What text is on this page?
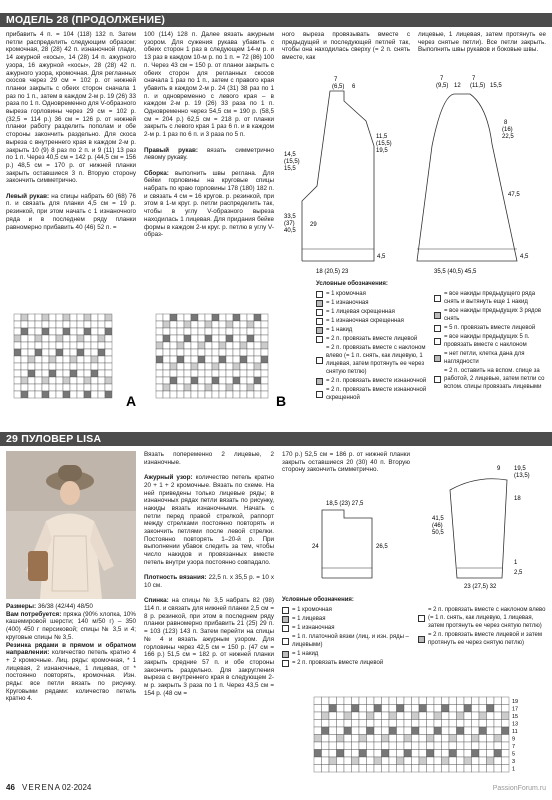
МОДЕЛЬ 28 (ПРОДОЛЖЕНИЕ)
прибавить 4 п. = 104 (118) 132 п. Затем петли распределить следующим образом: кромочная, 28 (28) 42 п. изнаночной глади, 14 ажурной «косы», 14 (28) 14 п. ажурного узора, 16 ажурной «косы», 28 (28) 42 п. ажурного узора, кромочная. Для регланных скосов через 29 см = 102 р. от нижней планки закрыть с обеих сторон сначала 1 раз по 1 п., затем в каждом 2-м р. 19 (26) 33 раза по 1 п. Одновременно для V-образного выреза горловины через 29 см = 102 р. (32,5 = 114 р.) 36 см = 126 р. от нижней планки работу разделить пополам и обе стороны закончить раздельно. Для скоса выреза с внутреннего края в каждом 2-м р. закрыть 10 (9) 8 раз по 2 п. и 9 (11) 13 раз по 1 п. Через 40,5 см = 142 р. (44,5 см = 156 р.) 48,5 см = 170 р. от нижней планки закрыть оставшиеся 3 п. Вторую сторону закончить симметрично.

Левый рукав: на спицы набрать 60 (68) 76 п. и связать для планки 4,5 см = 19 р. резинкой, при этом начать с 1 изнаночного ряда и в последнем ряду планки равномерно прибавить 40 (46) 52 п. =
100 (114) 128 п. Далее вязать ажурным узором. Для сужения рукава убавить с обеих сторон 1 раз в следующем 14-м р. и 13 раз в каждом 10-м р. по 1 п. = 72 (86) 100 п. Через 43 см = 150 р. от планки закрыть с обеих сторон для регланных скосов сначала 1 раз по 1 п., затем с правого края убавить в каждом 2-м р. 24 (31) 38 раз по 1 п. и одновременно с левого края – в каждом 2-м р. 19 (26) 33 раза по 1 п. Одновременно через 54,5 см = 190 р. (58,5 см = 204 р.) 62,5 см = 218 р. от планки закрыть с левого края 1 раз 6 п. и в каждом 2-м р. 1 раз по 6 п. и 3 раза по 5 п.

Правый рукав: вязать симметрично левому рукаву.

Сборка: выполнить швы реглана. Для бейки горловины на круговые спицы набрать по краю горловины 178 (180) 182 п. и связать 4 см = 16 кругов. р. резинкой, при этом в 1-м круг. р. петли распределить так, чтобы в углу V-образного выреза находилась 1 лицевая. Для придания бейке формы в каждом 2-м круг. р. петлю в углу V-образ-
ного выреза провязывать вместе с предыдущей и последующей петлей так, чтобы она находилась сверху (= 2 п. снять вместе, как
лицевые, 1 лицевая, затем протянуть ее через снятые петли). Все петли закрыть. Выполнить швы рукавов и боковые швы.
14,5
(15,5)
15,5
33,5
(37)
40,5
29
4,5
18 (20,5) 23
7
(6,5) 6
11,5
(15,5)
19,5
7
(9,5) 12
7
(11,5) 15,5
8
(16)
22,5
47,5
4,5
35,5 (40,5) 45,5
A	B
Условные обозначения:
= 1 кромочная
= 1 изнаночная
= 1 лицевая скрещенная
= 1 изнаночная скрещенная
= 1 накид
= 2 п. провязать вместе лицевой
= 2 п. провязать вместе с наклоном влево (= 1 п. снять, как лицевую, 1 лицевая, затем протянуть ее через снятую петлю)
= 2 п. провязать вместе изнаночной
= 2 п. провязать вместе изнаночной скрещенной
= все накиды предыдущего ряда снять и вытянуть еще 1 накид
= все накиды предыдущих 3 рядов снять
= 5 п. провязать вместе лицевой
= все накиды предыдущих 5 п. провязать вместе с наклоном
= нет петли, клетка дана для наглядности
= 2 п. оставить на вспом. спице за работой, 2 лицевые, затем петли со вспом. спицы провязать лицевыми
29 ПУЛОВЕР LISA
Размеры: 36/38 (42/44) 48/50
Вам потребуется: пряжа (90% хлопка, 10% кашемировой шерсти; 140 м/50 г) – 350 (400) 450 г персиковой; спицы № 3,5 и 4; круговые спицы № 3,5.
Резинка рядами в прямом и обратном направлении: количество петель кратно 4 + 2 кромочные. Лиц. ряды: кромочная, * 1 лицевая, 2 изнаночные, 1 лицевая, от * постоянно повторять, кромочная. Изн. ряды: все петли вязать по рисунку. Круговыми рядами: количество петель кратно 4.
Вязать попеременно 2 лицевые, 2 изнаночные.

Ажурный узор: количество петель кратно 20 + 1 + 2 кромочные. Вязать по схеме. На ней приведены только лицевые ряды; в изнаночных рядах петли вязать по рисунку, накиды вязать изнаночными. Начать с петли перед правой стрелкой, раппорт между стрелками постоянно повторять и закончить петлями после левой стрелки. Постоянно повторять 1–20-й р. При выполнении убавок следить за тем, чтобы число накидов и провязанных вместе петель внутри узора постоянно совпадало.

Плотность вязания: 22,5 п. x 35,5 р. = 10 x 10 см.

Спинка: на спицы № 3,5 набрать 82 (98) 114 п. и связать для нижней планки 2,5 см = 8 р. резинкой, при этом в последнем ряду планки равномерно прибавить 21 (25) 29 п. = 103 (123) 143 п. Затем перейти на спицы № 4 и вязать ажурным узором. Для горловины через 42,5 см = 150 р. (47 см = 166 р.) 51,5 см = 182 р. от нижней планки закрыть средние 57 п. и обе стороны закончить раздельно. Для закругления выреза с внутреннего края в следующем 2-м р. закрыть 3 раза по 1 п. Через 43,5 см = 154 р. (48 см =
170 р.) 52,5 см = 186 р. от нижней планки закрыть оставшиеся 20 (30) 40 п. Вторую сторону закончить симметрично.
18,5 (23) 27,5
24	26,5
19,5
9
(13,5)
18
41,5
(46)
50,5
23 (27,5) 32
1
2,5
Условные обозначения:
= 1 кромочная
= 1 лицевая
= 1 изнаночная
= 1 п. платочной вязки (лиц. и изн. ряды – лицевыми)
= 1 накид
= 2 п. провязать вместе лицевой
= 2 п. провязать вместе с наклоном влево (= 1 п. снять, как лицевую, 1 лицевая, затем протянуть ее через снятую петлю)
= 2 п. провязать вместе лицевой и затем протянуть ее через снятую петлю)
19
17
15
13
11
9
7
5
3
1
46 VERENA 02·2024	PassionForum.ru
